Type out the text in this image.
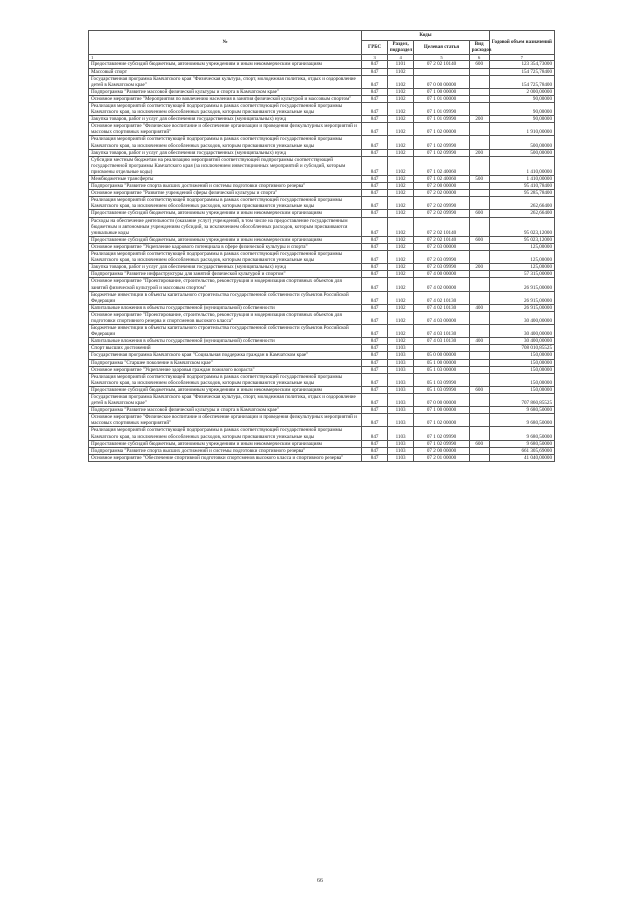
№	Коды				Годовой объем назначений
	ГРБС	Раздел, подраздел	Целевая статья	Вид расходов	
1	3	4	5	6	7
Предоставление субсидий бюджетным, автономным учреждениям и иным некоммерческим организациям	847	1101	07 2 02 10140	600	123 354,73000
Массовый спорт	847	1102			154 725,78400
Государственная программа Камчатского края "Физическая культура, спорт, молодежная политика, отдых и оздоровление детей в Камчатском крае"	847	1102	07 0 00 00000		154 725,78400
Подпрограмма "Развитие массовой физической культуры и спорта в Камчатском крае"	847	1102	07 1 00 00000		2 000,00000
Основное мероприятие "Мероприятия по вовлечению населения в занятия физической культурой и массовым спортом"	847	1102	07 1 01 00000		90,00000
Реализация мероприятий соответствующей подпрограммы в рамках соответствующей государственной программы Камчатского края, за исключением обособленных расходов, которым присваиваются уникальные коды	847	1102	07 1 01 09990		90,00000
Закупка товаров, работ и услуг для обеспечения государственных (муниципальных) нужд	847	1102	07 1 01 09990	200	90,00000
Основное мероприятие "Физическое воспитание и обеспечение организации и проведения физкультурных мероприятий и массовых спортивных мероприятий"	847	1102	07 1 02 00000		1 910,00000
Реализация мероприятий соответствующей подпрограммы в рамках соответствующей государственной программы Камчатского края, за исключением обособленных расходов, которым присваиваются уникальные коды	847	1102	07 1 02 09990		500,00000
Закупка товаров, работ и услуг для обеспечения государственных (муниципальных) нужд	847	1102	07 1 02 09990	200	500,00000
Субсидии местным бюджетам на реализацию мероприятий соответствующей подпрограммы соответствующей государственной программы Камчатского края (за исключением инвестиционных мероприятий и субсидий, которым присвоены отдельные коды)	847	1102	07 1 02 40060		1 410,00000
Межбюджетные трансферты	847	1102	07 1 02 40060	500	1 410,00000
Подпрограмма "Развитие спорта высших достижений и системы подготовки спортивного резерва"	847	1102	07 2 00 00000		95 410,78400
Основное мероприятие "Развитие учреждений сферы физической культуры и спорта"	847	1102	07 2 02 00000		95 285,78400
Реализация мероприятий соответствующей подпрограммы в рамках соответствующей государственной программы Камчатского края, за исключением обособленных расходов, которым присваиваются уникальные коды	847	1102	07 2 02 09990		262,66400
Предоставление субсидий бюджетным, автономным учреждениям и иным некоммерческим организациям	847	1102	07 2 02 09990	600	262,66400
Расходы на обеспечение деятельности (оказание услуг) учреждений, в том числе на предоставление государственным бюджетным и автономным учреждениям субсидий, за исключением обособленных расходов, которым присваиваются уникальные коды	847	1102	07 2 02 10140		95 023,12000
Предоставление субсидий бюджетным, автономным учреждениям и иным некоммерческим организациям	847	1102	07 2 02 10140	600	95 023,12000
Основное мероприятие "Укрепление кадрового потенциала в сфере физической культуры и спорта"	847	1102	07 2 03 00000		125,00000
Реализация мероприятий соответствующей подпрограммы в рамках соответствующей государственной программы Камчатского края, за исключением обособленных расходов, которым присваиваются уникальные коды	847	1102	07 2 03 09990		125,00000
Закупка товаров, работ и услуг для обеспечения государственных (муниципальных) нужд	847	1102	07 2 03 09990	200	125,00000
Подпрограмма "Развитие инфраструктуры для занятий физической культурой и спортом"	847	1102	07 4 00 00000		57 315,00000
Основное мероприятие "Проектирование, строительство, реконструкция и модернизация спортивных объектов для занятий физической культурой и массовым спортом"	847	1102	07 4 02 00000		26 915,00000
Бюджетные инвестиции в объекты капитального строительства государственной собственности субъектов Российской Федерации	847	1102	07 4 02 10130		26 915,00000
Капитальные вложения в объекты государственной (муниципальной) собственности	847	1102	07 4 02 10130	400	26 915,00000
Основное мероприятие "Проектирование, строительство, реконструкция и модернизация спортивных объектов для подготовки спортивного резерва и спортсменов высокого класса"	847	1102	07 4 03 00000		30 400,00000
Бюджетные инвестиции в объекты капитального строительства государственной собственности субъектов Российской Федерации	847	1102	07 4 03 10130		30 400,00000
Капитальные вложения в объекты государственной (муниципальной) собственности	847	1102	07 4 03 10130	400	30 400,00000
Спорт высших достижений	847	1103			708 010,85525
Государственная программа Камчатского края "Социальная поддержка граждан в Камчатском крае"	847	1103	05 0 00 00000		150,00000
Подпрограмма "Старшее поколение в Камчатском крае"	847	1103	05 1 00 00000		150,00000
Основное мероприятие "Укрепление здоровья граждан пожилого возраста"	847	1103	05 1 03 00000		150,00000
Реализация мероприятий соответствующей подпрограммы в рамках соответствующей государственной программы Камчатского края, за исключением обособленных расходов, которым присваиваются уникальные коды	847	1103	05 1 03 09990		150,00000
Предоставление субсидий бюджетным, автономным учреждениям и иным некоммерческим организациям	847	1103	05 1 03 09990	600	150,00000
Государственная программа Камчатского края "Физическая культура, спорт, молодежная политика, отдых и оздоровление детей в Камчатском крае"	847	1103	07 0 00 00000		707 860,85525
Подпрограмма "Развитие массовой физической культуры и спорта в Камчатском крае"	847	1103	07 1 00 00000		9 680,50000
Основное мероприятие "Физическое воспитание и обеспечение организации и проведения физкультурных мероприятий и массовых спортивных мероприятий"	847	1103	07 1 02 00000		9 680,50000
Реализация мероприятий соответствующей подпрограммы в рамках соответствующей государственной программы Камчатского края, за исключением обособленных расходов, которым присваиваются уникальные коды	847	1103	07 1 02 09990		9 680,50000
Предоставление субсидий бюджетным, автономным учреждениям и иным некоммерческим организациям	847	1103	07 1 02 09990	600	9 680,50000
Подпрограмма "Развитие спорта высших достижений и системы подготовки спортивного резерва"	847	1103	07 2 00 00000		661 305,69000
Основное мероприятие "Обеспечение спортивной подготовки спортсменов высокого класса и спортивного резерва"	847	1103	07 2 01 00000		41 040,00000
66
